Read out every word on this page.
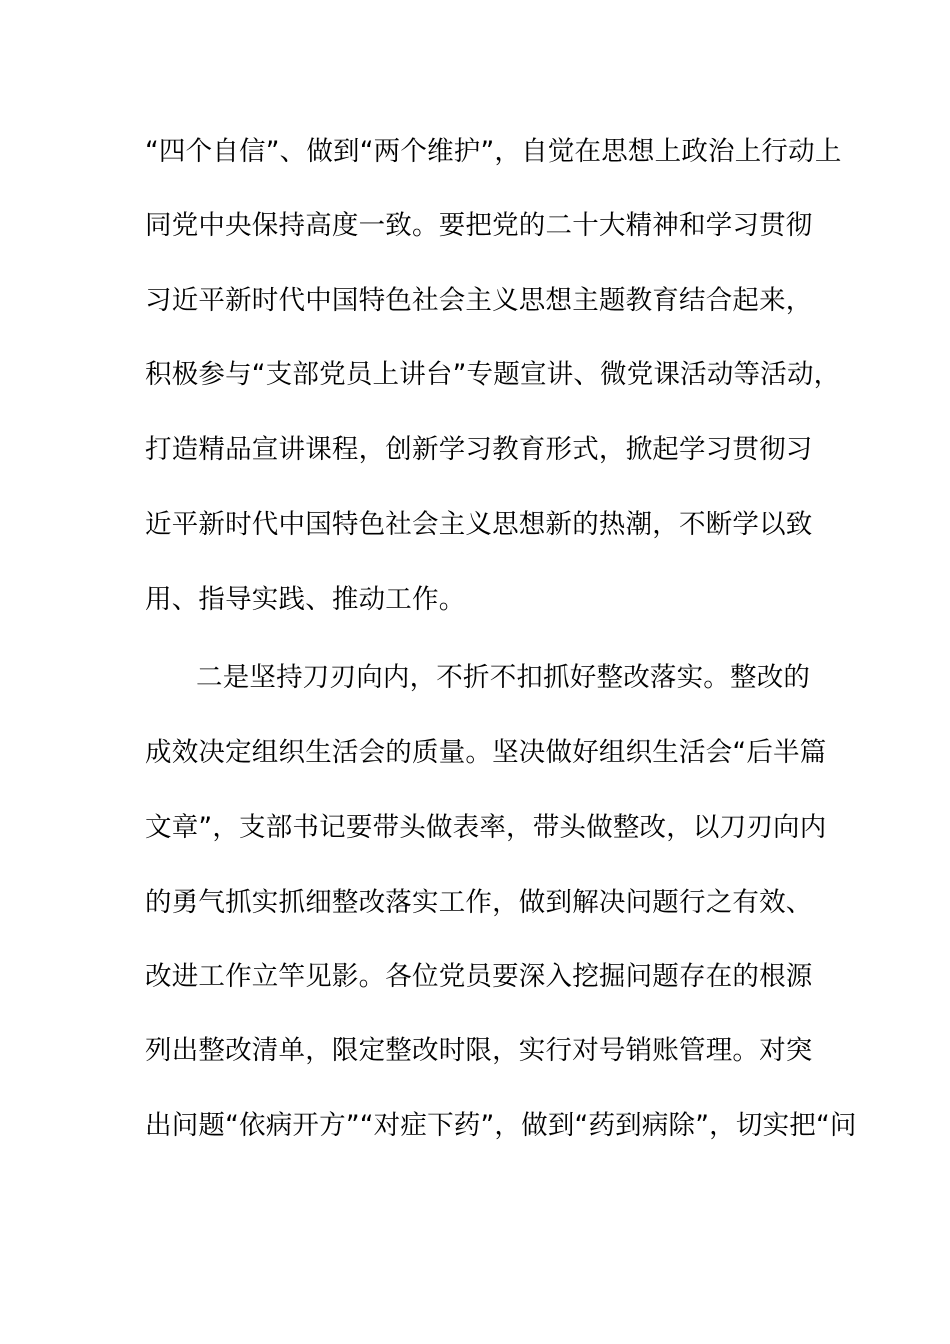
“四个自信”、做到“两个维护”，自觉在思想上政治上行动上
同党中央保持高度一致。要把党的二十大精神和学习贯彻
习近平新时代中国特色社会主义思想主题教育结合起来，
积极参与“支部党员上讲台”专题宣讲、微党课活动等活动，
打造精品宣讲课程，创新学习教育形式，掀起学习贯彻习
近平新时代中国特色社会主义思想新的热潮，不断学以致
用、指导实践、推动工作。
二是坚持刀刃向内，不折不扣抓好整改落实。整改的
成效决定组织生活会的质量。坚决做好组织生活会“后半篇
文章”，支部书记要带头做表率，带头做整改，以刀刃向内
的勇气抓实抓细整改落实工作，做到解决问题行之有效、
改进工作立竿见影。各位党员要深入挖掘问题存在的根源
列出整改清单，限定整改时限，实行对号销账管理。对突
出问题“依病开方”“对症下药”，做到“药到病除”，切实把“问
